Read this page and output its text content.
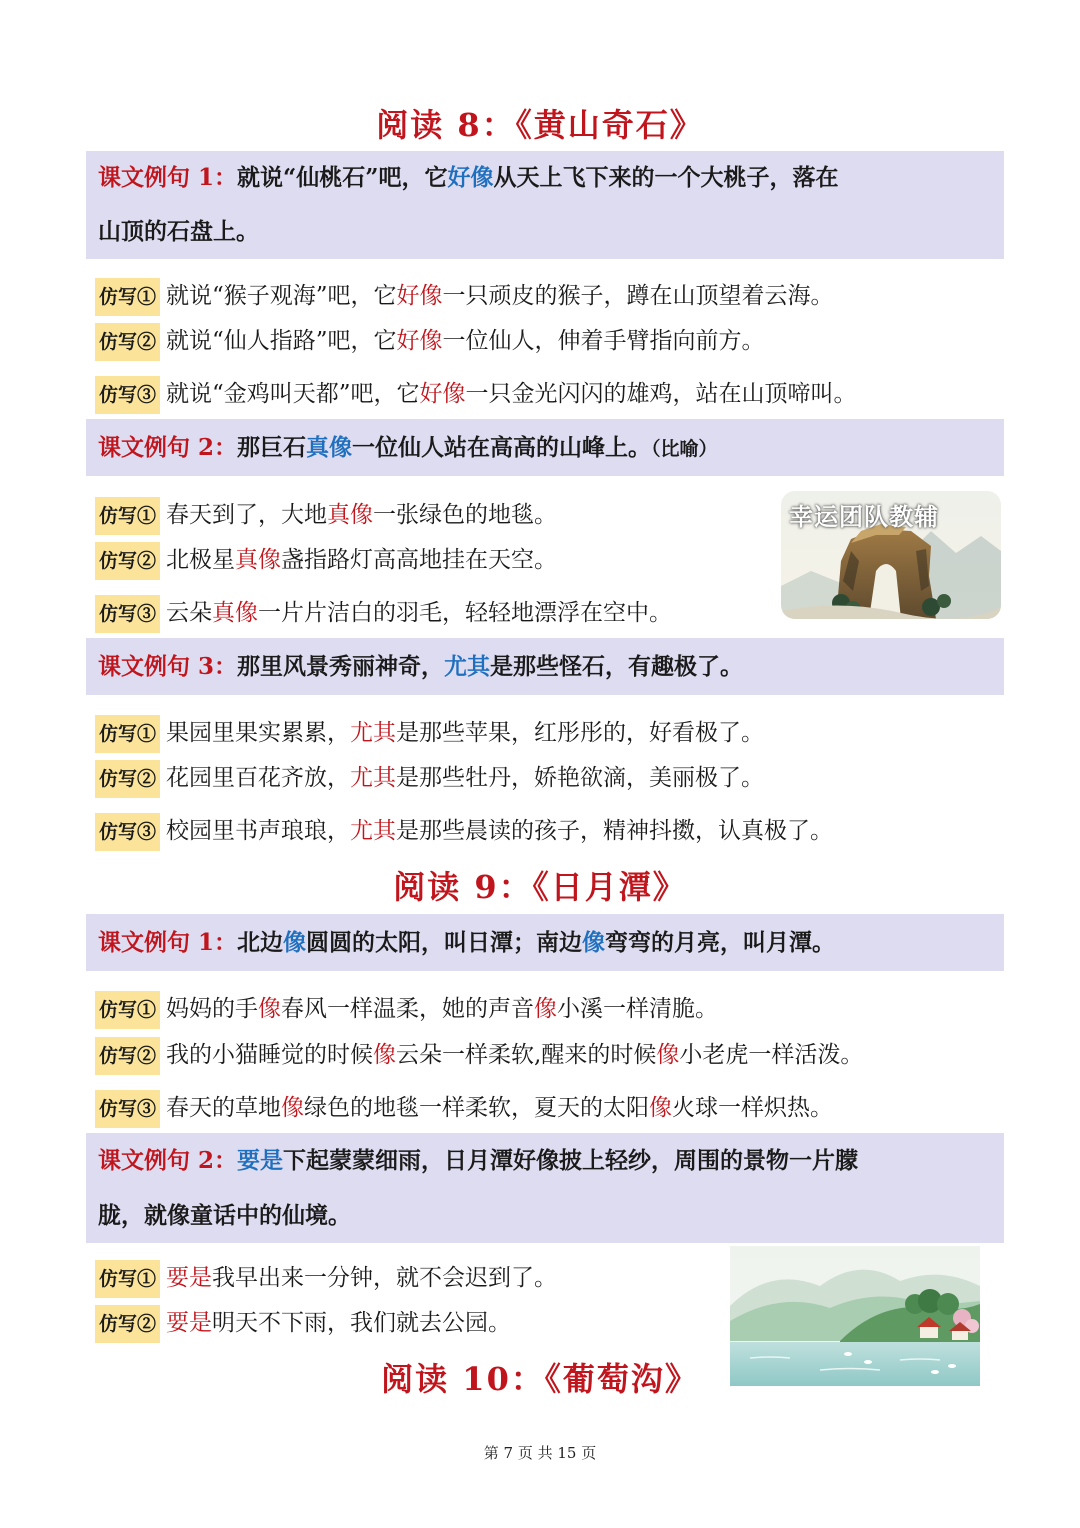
阅读 8：《黄山奇石》
课文例句 1：就说“仙桃石”吧，它好像从天上飞下来的一个大桃子，落在
山顶的石盘上。
仿写① 就说“猴子观海”吧，它好像一只顽皮的猴子，蹲在山顶望着云海。
仿写② 就说“仙人指路”吧，它好像一位仙人，伸着手臂指向前方。
仿写③ 就说“金鸡叫天都”吧，它好像一只金光闪闪的雄鸡，站在山顶啼叫。
课文例句 2：那巨石真像一位仙人站在高高的山峰上。（比喻）
仿写① 春天到了，大地真像一张绿色的地毯。
仿写② 北极星真像盏指路灯高高地挂在天空。
仿写③ 云朵真像一片片洁白的羽毛，轻轻地漂浮在空中。
幸运团队教辅
课文例句 3：那里风景秀丽神奇，尤其是那些怪石，有趣极了。
仿写① 果园里果实累累，尤其是那些苹果，红彤彤的，好看极了。
仿写② 花园里百花齐放，尤其是那些牡丹，娇艳欲滴，美丽极了。
仿写③ 校园里书声琅琅，尤其是那些晨读的孩子，精神抖擞，认真极了。
阅读 9：《日月潭》
课文例句 1：北边像圆圆的太阳，叫日潭；南边像弯弯的月亮，叫月潭。
仿写① 妈妈的手像春风一样温柔，她的声音像小溪一样清脆。
仿写② 我的小猫睡觉的时候像云朵一样柔软,醒来的时候像小老虎一样活泼。
仿写③ 春天的草地像绿色的地毯一样柔软，夏天的太阳像火球一样炽热。
课文例句 2：要是下起蒙蒙细雨，日月潭好像披上轻纱，周围的景物一片朦
胧，就像童话中的仙境。
仿写① 要是我早出来一分钟，就不会迟到了。
仿写② 要是明天不下雨，我们就去公园。
阅读 10：《葡萄沟》
第 7 页 共 15 页
